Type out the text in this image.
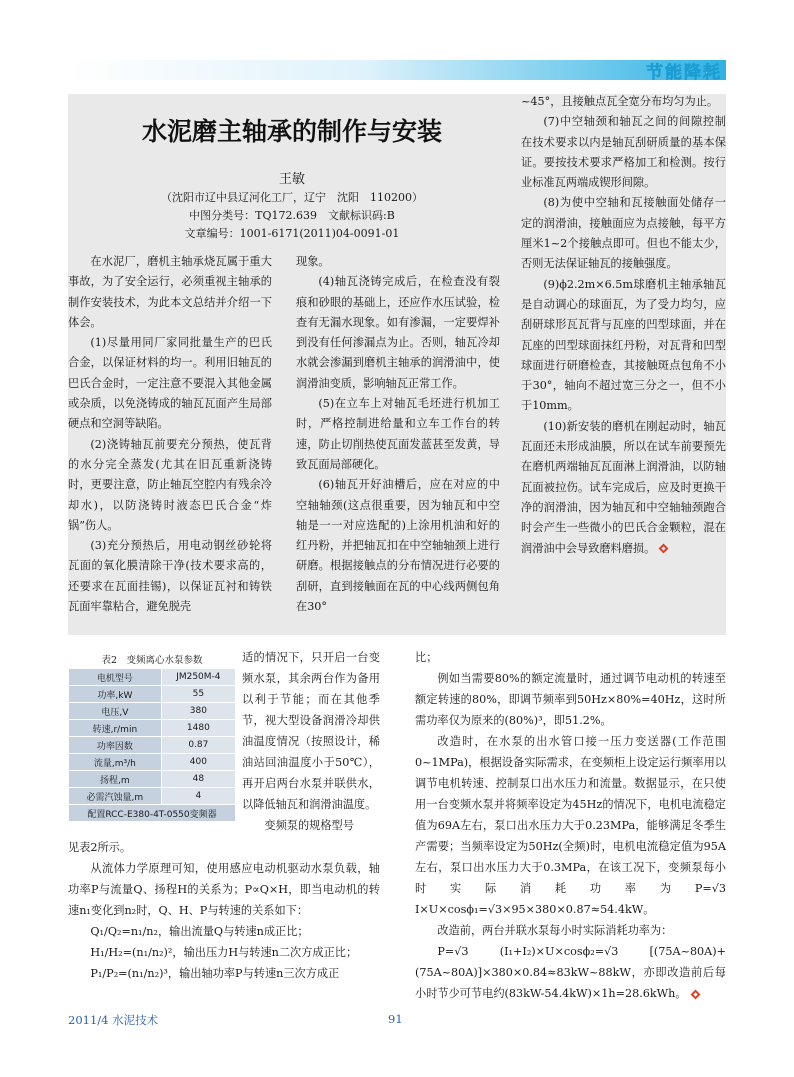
节能降耗
水泥磨主轴承的制作与安装
王敏
（沈阳市辽中县辽河化工厂，辽宁　沈阳　110200）
中图分类号：TQ172.639　文献标识码:B
文章编号：1001-6171(2011)04-0091-01

~45°，且接触点瓦全宽分布均匀为止。

(7)中空轴颈和轴瓦之间的间隙控制在技术要求以内是轴瓦刮研质量的基本保证。要按技术要求严格加工和检测。按行业标准瓦两端成锲形间隙。

(8)为使中空轴和瓦接触面处储存一定的润滑油，接触面应为点接触，每平方厘米1~2个接触点即可。但也不能太少，否则无法保证轴瓦的接触强度。

(9)ϕ2.2m×6.5m球磨机主轴承轴瓦是自动调心的球面瓦，为了受力均匀，应刮研球形瓦瓦背与瓦座的凹型球面，并在瓦座的凹型球面抹红丹粉，对瓦背和凹型球面进行研磨检查，其接触斑点包角不小于30°，轴向不超过宽三分之一，但不小于10mm。

(10)新安装的磨机在刚起动时，轴瓦瓦面还未形成油膜，所以在试车前要预先在磨机两端轴瓦瓦面淋上润滑油，以防轴瓦面被拉伤。试车完成后，应及时更换干净的润滑油，因为轴瓦和中空轴轴颈跑合时会产生一些微小的巴氏合金颗粒，混在润滑油中会导致磨料磨损。

在水泥厂，磨机主轴承烧瓦属于重大事故，为了安全运行，必须重视主轴承的制作安装技术，为此本文总结并介绍一下体会。

(1)尽量用同厂家同批量生产的巴氏合金，以保证材料的均一。利用旧轴瓦的巴氏合金时，一定注意不要混入其他金属或杂质，以免浇铸成的轴瓦瓦面产生局部硬点和空洞等缺陷。

(2)浇铸轴瓦前要充分预热，使瓦背的水分完全蒸发(尤其在旧瓦重新浇铸时，更要注意，防止轴瓦空腔内有残余冷却水)，以防浇铸时液态巴氏合金“炸锅”伤人。

(3)充分预热后，用电动钢丝砂轮将瓦面的氧化膜清除干净(技术要求高的，还要求在瓦面挂锡)，以保证瓦衬和铸铁瓦面牢靠粘合，避免脱壳

现象。

(4)轴瓦浇铸完成后，在检查没有裂痕和砂眼的基础上，还应作水压试验，检查有无漏水现象。如有渗漏，一定要焊补到没有任何渗漏点为止。否则，轴瓦冷却水就会渗漏到磨机主轴承的润滑油中，使润滑油变质，影响轴瓦正常工作。

(5)在立车上对轴瓦毛坯进行机加工时，严格控制进给量和立车工作台的转速，防止切削热使瓦面发蓝甚至发黄，导致瓦面局部硬化。

(6)轴瓦开好油槽后，应在对应的中空轴轴颈(这点很重要，因为轴瓦和中空轴是一一对应选配的)上涂用机油和好的红丹粉，并把轴瓦扣在中空轴轴颈上进行研磨。根据接触点的分布情况进行必要的刮研，直到接触面在瓦的中心线两侧包角在30°

表2　变频离心水泵参数
电机型号	JM250M-4
功率,kW	55
电压,V	380
转速,r/min	1480
功率因数	0.87
流量,m³/h	400
扬程,m	48
必需汽蚀量,m	4
配置RCC-E380-4T-0550变频器	

适的情况下，只开启一台变频水泵，其余两台作为备用以利于节能；而在其他季节，视大型设备润滑冷却供油温度情况（按照设计，稀油站回油温度小于50℃），再开启两台水泵并联供水，以降低轴瓦和润滑油温度。

变频泵的规格型号

见表2所示。

从流体力学原理可知，使用感应电动机驱动水泵负载，轴功率P与流量Q、扬程H的关系为；P∝Q×H，即当电动机的转速n₁变化到n₂时，Q、H、P与转速的关系如下：

Q₁/Q₂=n₁/n₂，输出流量Q与转速n成正比；

H₁/H₂=(n₁/n₂)²，输出压力H与转速n二次方成正比；

P₁/P₂=(n₁/n₂)³，输出轴功率P与转速n三次方成正

比；

例如当需要80%的额定流量时，通过调节电动机的转速至额定转速的80%，即调节频率到50Hz×80%=40Hz，这时所需功率仅为原来的(80%)³，即51.2%。

改造时，在水泵的出水管口接一压力变送器(工作范围0~1MPa)，根据设备实际需求，在变频柜上设定运行频率用以调节电机转速、控制泵口出水压力和流量。数据显示，在只使用一台变频水泵并将频率设定为45Hz的情况下，电机电流稳定值为69A左右，泵口出水压力大于0.23MPa，能够满足冬季生产需要；当频率设定为50Hz(全频)时，电机电流稳定值为95A左右，泵口出水压力大于0.3MPa，在该工况下，变频泵每小时实际消耗功率为P=√3 I×U×cosϕ₁=√3×95×380×0.87≈54.4kW。

改造前，两台并联水泵每小时实际消耗功率为：

P=√3 (I₁+I₂)×U×cosϕ₂=√3 [(75A~80A)+(75A~80A)]×380×0.84≈83kW~88kW，亦即改造前后每小时节少可节电约(83kW-54.4kW)×1h=28.6kWh。

2011/4 水泥技术	91
